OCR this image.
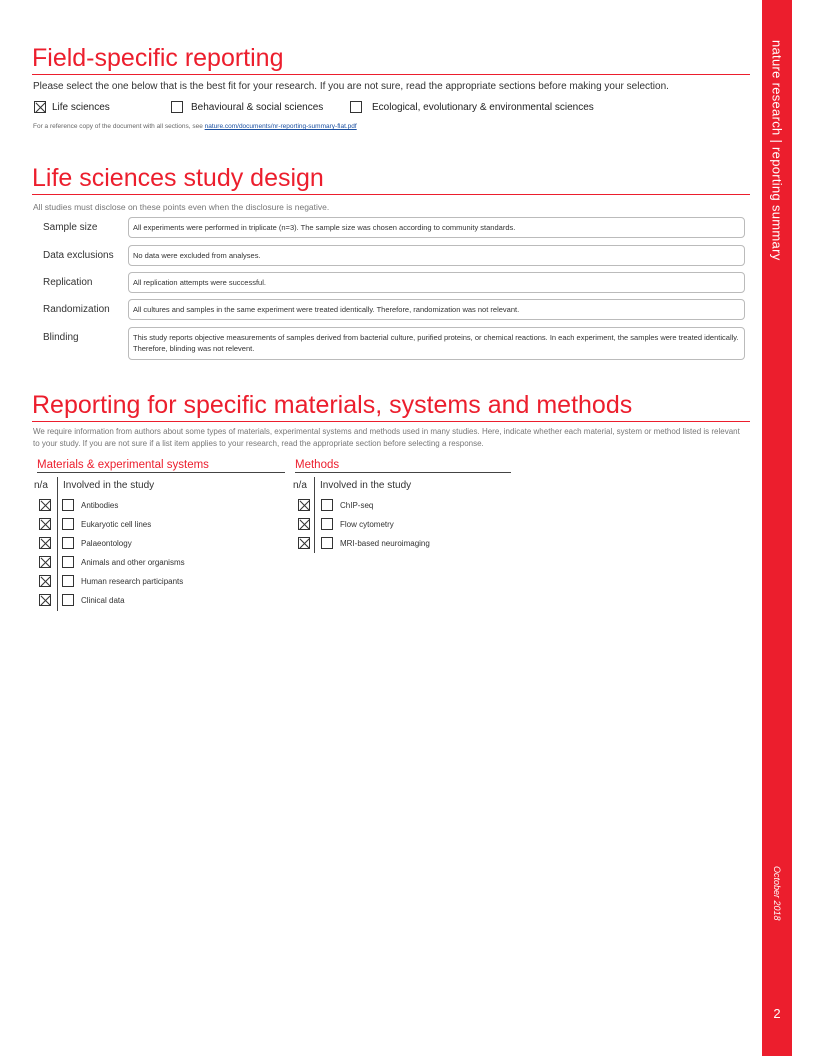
nature research | reporting summary
October 2018
2
Field-specific reporting
Please select the one below that is the best fit for your research. If you are not sure, read the appropriate sections before making your selection.
Life sciences	Behavioural & social sciences	Ecological, evolutionary & environmental sciences
For a reference copy of the document with all sections, see nature.com/documents/nr-reporting-summary-flat.pdf
Life sciences study design
All studies must disclose on these points even when the disclosure is negative.
Sample size	All experiments were performed in triplicate (n=3). The sample size was chosen according to community standards.
Data exclusions	No data were excluded from analyses.
Replication	All replication attempts were successful.
Randomization	All cultures and samples in the same experiment were treated identically. Therefore, randomization was not relevant.
Blinding	This study reports objective measurements of samples derived from bacterial culture, purified proteins, or chemical reactions. In each experiment, the samples were treated identically. Therefore, blinding was not relevent.
Reporting for specific materials, systems and methods
We require information from authors about some types of materials, experimental systems and methods used in many studies. Here, indicate whether each material, system or method listed is relevant to your study. If you are not sure if a list item applies to your research, read the appropriate section before selecting a response.
Materials & experimental systems
n/a Involved in the study
Antibodies
Eukaryotic cell lines
Palaeontology
Animals and other organisms
Human research participants
Clinical data
Methods
n/a Involved in the study
ChIP-seq
Flow cytometry
MRI-based neuroimaging
